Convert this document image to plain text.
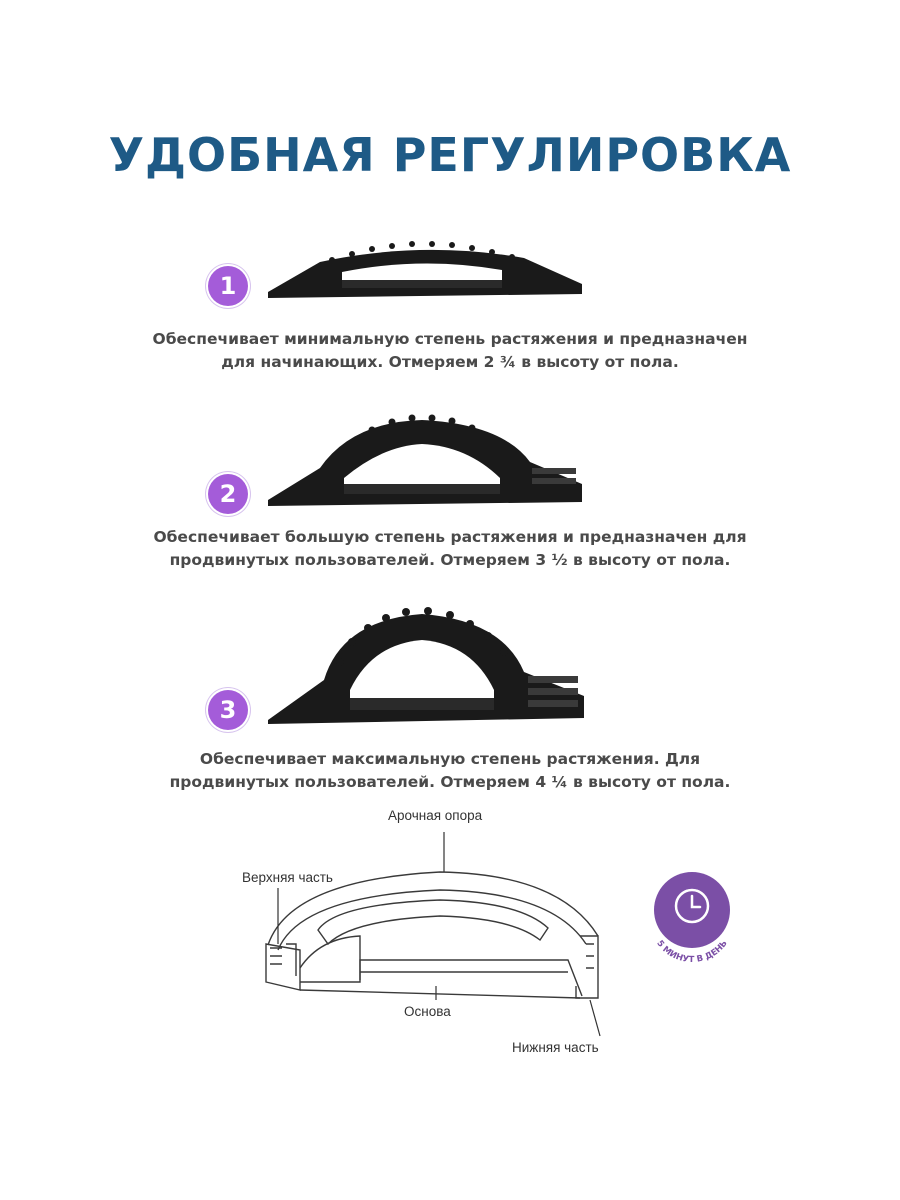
УДОБНАЯ РЕГУЛИРОВКА
1
Обеспечивает минимальную степень растяжения и предназначен
для начинающих. Отмеряем 2 ¾ в высоту от пола.
2
Обеспечивает большую степень растяжения и предназначен для
продвинутых пользователей. Отмеряем 3 ½ в высоту от пола.
3
Обеспечивает максимальную степень растяжения. Для
продвинутых пользователей. Отмеряем 4 ¼ в высоту от пола.
Арочная опора
Верхняя часть
Основа
Нижняя часть
5 МИНУТ В ДЕНЬ
